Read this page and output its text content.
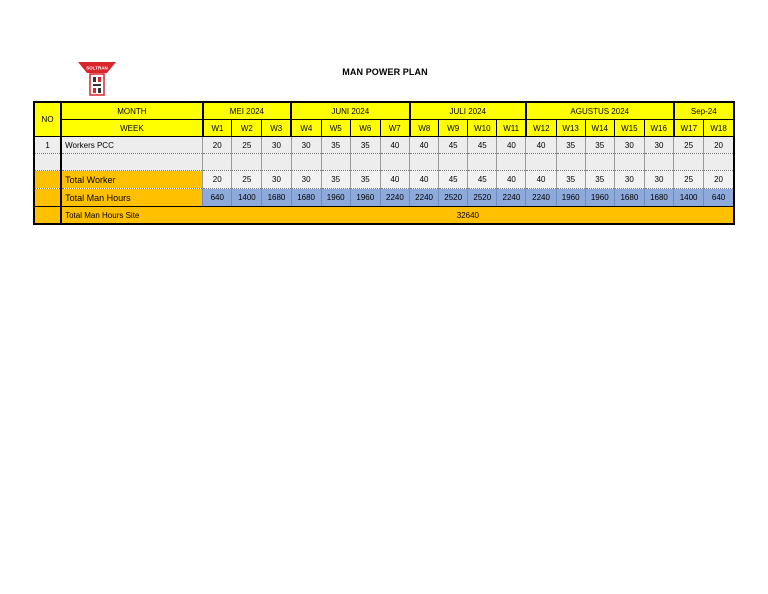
SOLTRAN	MAN POWER PLAN
NO	MONTH	MEI 2024			JUNI 2024				JULI 2024				AGUSTUS 2024					Sep-24	
	WEEK	W1	W2	W3	W4	W5	W6	W7	W8	W9	W10	W11	W12	W13	W14	W15	W16	W17	W18
1	Workers PCC	20	25	30	30	35	35	40	40	45	45	40	40	35	35	30	30	25	20

	Total Worker	20	25	30	30	35	35	40	40	45	45	40	40	35	35	30	30	25	20
	Total Man Hours	640	1400	1680	1680	1960	1960	2240	2240	2520	2520	2240	2240	1960	1960	1680	1680	1400	640
	Total Man Hours Site	32640																	
